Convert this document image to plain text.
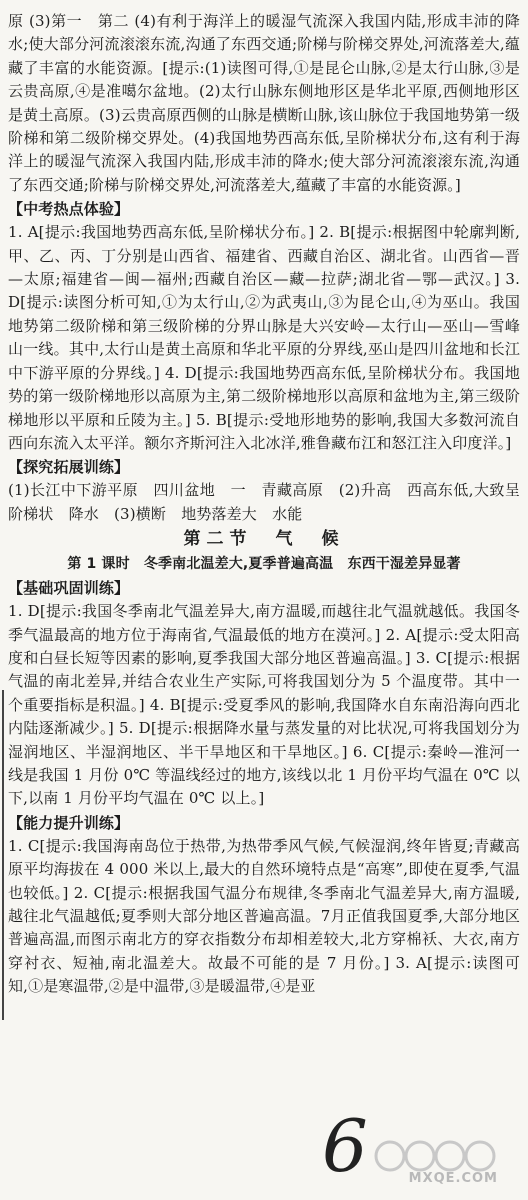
原 (3)第一　第二 (4)有利于海洋上的暖湿气流深入我国内陆,形成丰沛的降水;使大部分河流滚滚东流,沟通了东西交通;阶梯与阶梯交界处,河流落差大,蕴藏了丰富的水能资源。[提示:(1)读图可得,①是昆仑山脉,②是太行山脉,③是云贵高原,④是准噶尔盆地。(2)太行山脉东侧地形区是华北平原,西侧地形区是黄土高原。(3)云贵高原西侧的山脉是横断山脉,该山脉位于我国地势第一级阶梯和第二级阶梯交界处。(4)我国地势西高东低,呈阶梯状分布,这有利于海洋上的暖湿气流深入我国内陆,形成丰沛的降水;使大部分河流滚滚东流,沟通了东西交通;阶梯与阶梯交界处,河流落差大,蕴藏了丰富的水能资源。]

【中考热点体验】

1. A[提示:我国地势西高东低,呈阶梯状分布。] 2. B[提示:根据图中轮廓判断,甲、乙、丙、丁分别是山西省、福建省、西藏自治区、湖北省。山西省—晋—太原;福建省—闽—福州;西藏自治区—藏—拉萨;湖北省—鄂—武汉。] 3. D[提示:读图分析可知,①为太行山,②为武夷山,③为昆仑山,④为巫山。我国地势第二级阶梯和第三级阶梯的分界山脉是大兴安岭—太行山—巫山—雪峰山一线。其中,太行山是黄土高原和华北平原的分界线,巫山是四川盆地和长江中下游平原的分界线。] 4. D[提示:我国地势西高东低,呈阶梯状分布。我国地势的第一级阶梯地形以高原为主,第二级阶梯地形以高原和盆地为主,第三级阶梯地形以平原和丘陵为主。] 5. B[提示:受地形地势的影响,我国大多数河流自西向东流入太平洋。额尔齐斯河注入北冰洋,雅鲁藏布江和怒江注入印度洋。]

【探究拓展训练】

(1)长江中下游平原　四川盆地　一　青藏高原　(2)升高　西高东低,大致呈阶梯状　降水　(3)横断　地势落差大　水能

第二节　气　候

第 1 课时　冬季南北温差大,夏季普遍高温　东西干湿差异显著

【基础巩固训练】

1. D[提示:我国冬季南北气温差异大,南方温暖,而越往北气温就越低。我国冬季气温最高的地方位于海南省,气温最低的地方在漠河。] 2. A[提示:受太阳高度和白昼长短等因素的影响,夏季我国大部分地区普遍高温。] 3. C[提示:根据气温的南北差异,并结合农业生产实际,可将我国划分为 5 个温度带。其中一个重要指标是积温。] 4. B[提示:受夏季风的影响,我国降水自东南沿海向西北内陆逐渐减少。] 5. D[提示:根据降水量与蒸发量的对比状况,可将我国划分为湿润地区、半湿润地区、半干旱地区和干旱地区。] 6. C[提示:秦岭—淮河一线是我国 1 月份 0℃ 等温线经过的地方,该线以北 1 月份平均气温在 0℃ 以下,以南 1 月份平均气温在 0℃ 以上。]

【能力提升训练】

1. C[提示:我国海南岛位于热带,为热带季风气候,气候湿润,终年皆夏;青藏高原平均海拔在 4 000 米以上,最大的自然环境特点是“高寒”,即使在夏季,气温也较低。] 2. C[提示:根据我国气温分布规律,冬季南北气温差异大,南方温暖,越往北气温越低;夏季则大部分地区普遍高温。7月正值我国夏季,大部分地区普遍高温,而图示南北方的穿衣指数分布却相差较大,北方穿棉袄、大衣,南方穿衬衣、短袖,南北温差大。故最不可能的是 7 月份。] 3. A[提示:读图可知,①是寒温带,②是中温带,③是暖温带,④是亚

6	MXQE.COM
